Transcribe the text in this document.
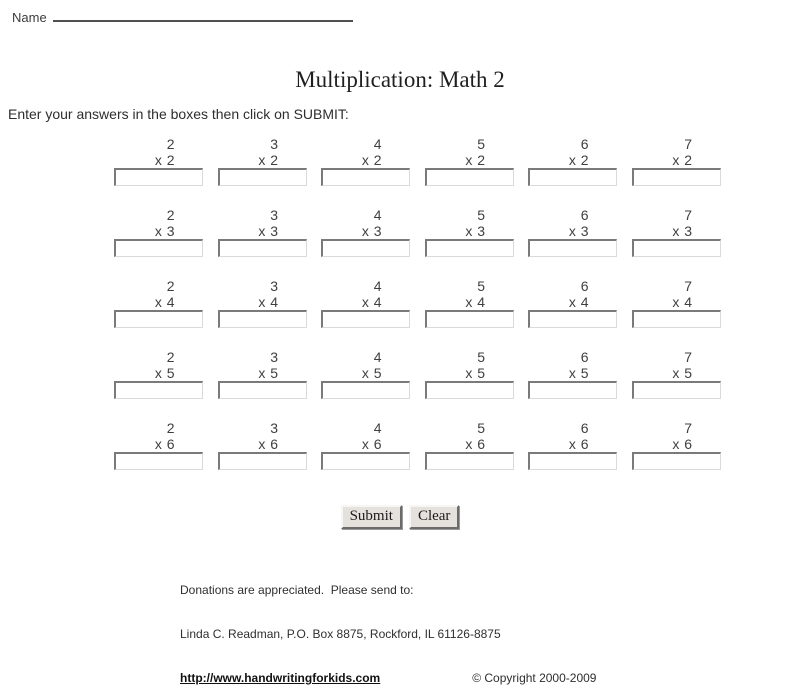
Name
Multiplication: Math 2
Enter your answers in the boxes then click on SUBMIT:
2
x 2
3
x 2
4
x 2
5
x 2
6
x 2
7
x 2
2
x 3
3
x 3
4
x 3
5
x 3
6
x 3
7
x 3
2
x 4
3
x 4
4
x 4
5
x 4
6
x 4
7
x 4
2
x 5
3
x 5
4
x 5
5
x 5
6
x 5
7
x 5
2
x 6
3
x 6
4
x 6
5
x 6
6
x 6
7
x 6
Submit	Clear

Donations are appreciated.  Please send to:

Linda C. Readman, P.O. Box 8875, Rockford, IL 61126-8875

http://www.handwritingforkids.com	© Copyright 2000-2009
